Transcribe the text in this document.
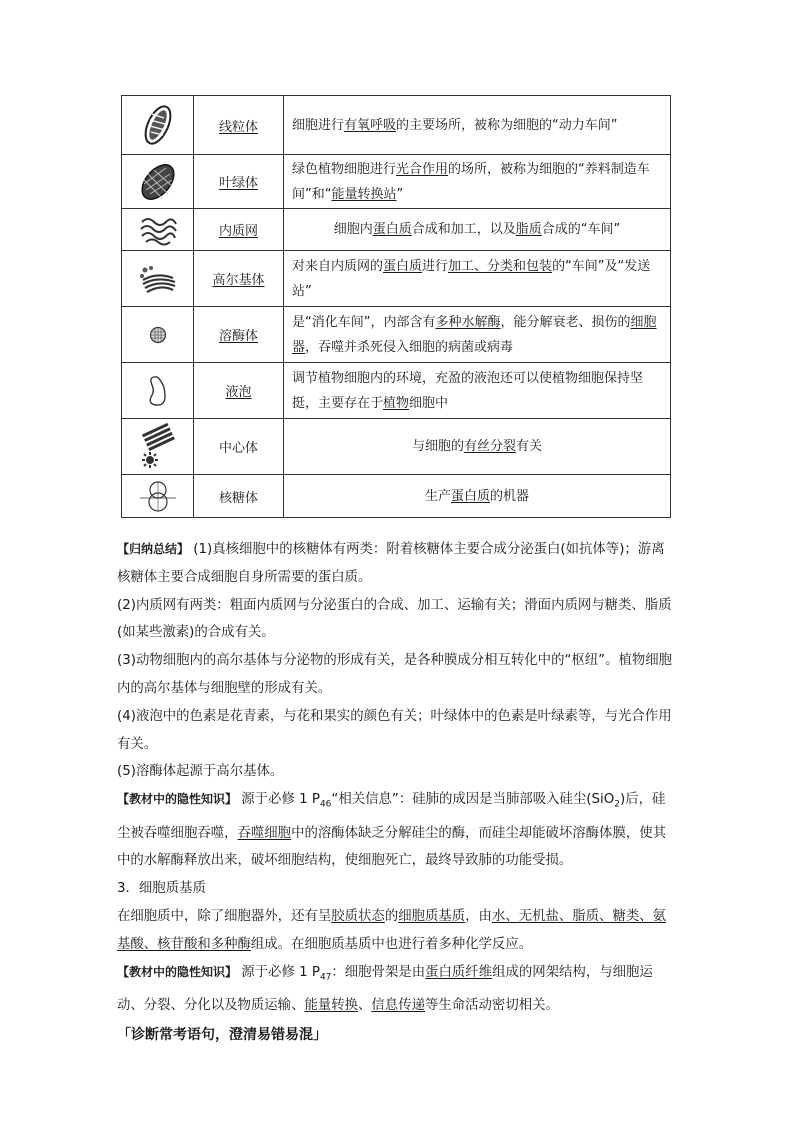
	线粒体	细胞进行有氧呼吸的主要场所，被称为细胞的“动力车间”

	叶绿体	绿色植物细胞进行光合作用的场所，被称为细胞的“养料制造车间”和“能量转换站”

	内质网	细胞内蛋白质合成和加工，以及脂质合成的“车间”

	高尔基体	对来自内质网的蛋白质进行加工、分类和包装的“车间”及“发送站”

	溶酶体	是“消化车间”，内部含有多种水解酶，能分解衰老、损伤的细胞器，吞噬并杀死侵入细胞的病菌或病毒

	液泡	调节植物细胞内的环境，充盈的液泡还可以使植物细胞保持坚挺，主要存在于植物细胞中

	中心体	与细胞的有丝分裂有关

	核糖体	生产蛋白质的机器

【归纳总结】 (1)真核细胞中的核糖体有两类：附着核糖体主要合成分泌蛋白(如抗体等)；游离核糖体主要合成细胞自身所需要的蛋白质。

(2)内质网有两类：粗面内质网与分泌蛋白的合成、加工、运输有关；滑面内质网与糖类、脂质(如某些激素)的合成有关。

(3)动物细胞内的高尔基体与分泌物的形成有关，是各种膜成分相互转化中的“枢纽”。植物细胞内的高尔基体与细胞壁的形成有关。

(4)液泡中的色素是花青素，与花和果实的颜色有关；叶绿体中的色素是叶绿素等，与光合作用有关。

(5)溶酶体起源于高尔基体。

【教材中的隐性知识】 源于必修 1 $P_{46}“$相关信息”：硅肺的成因是当肺部吸入硅尘(SiO$_2$)后，硅尘被吞噬细胞吞噬，吞噬细胞中的溶酶体缺乏分解硅尘的酶，而硅尘却能破坏溶酶体膜，使其中的水解酶释放出来，破坏细胞结构，使细胞死亡，最终导致肺的功能受损。

3．细胞质基质

在细胞质中，除了细胞器外，还有呈胶质状态的细胞质基质，由水、无机盐、脂质、糖类、氨基酸、核苷酸和多种酶组成。在细胞质基质中也进行着多种化学反应。

【教材中的隐性知识】 源于必修 1 $P_{47}$：细胞骨架是由蛋白质纤维组成的网架结构，与细胞运动、分裂、分化以及物质运输、能量转换、信息传递等生命活动密切相关。

「诊断常考语句，澄清易错易混」
